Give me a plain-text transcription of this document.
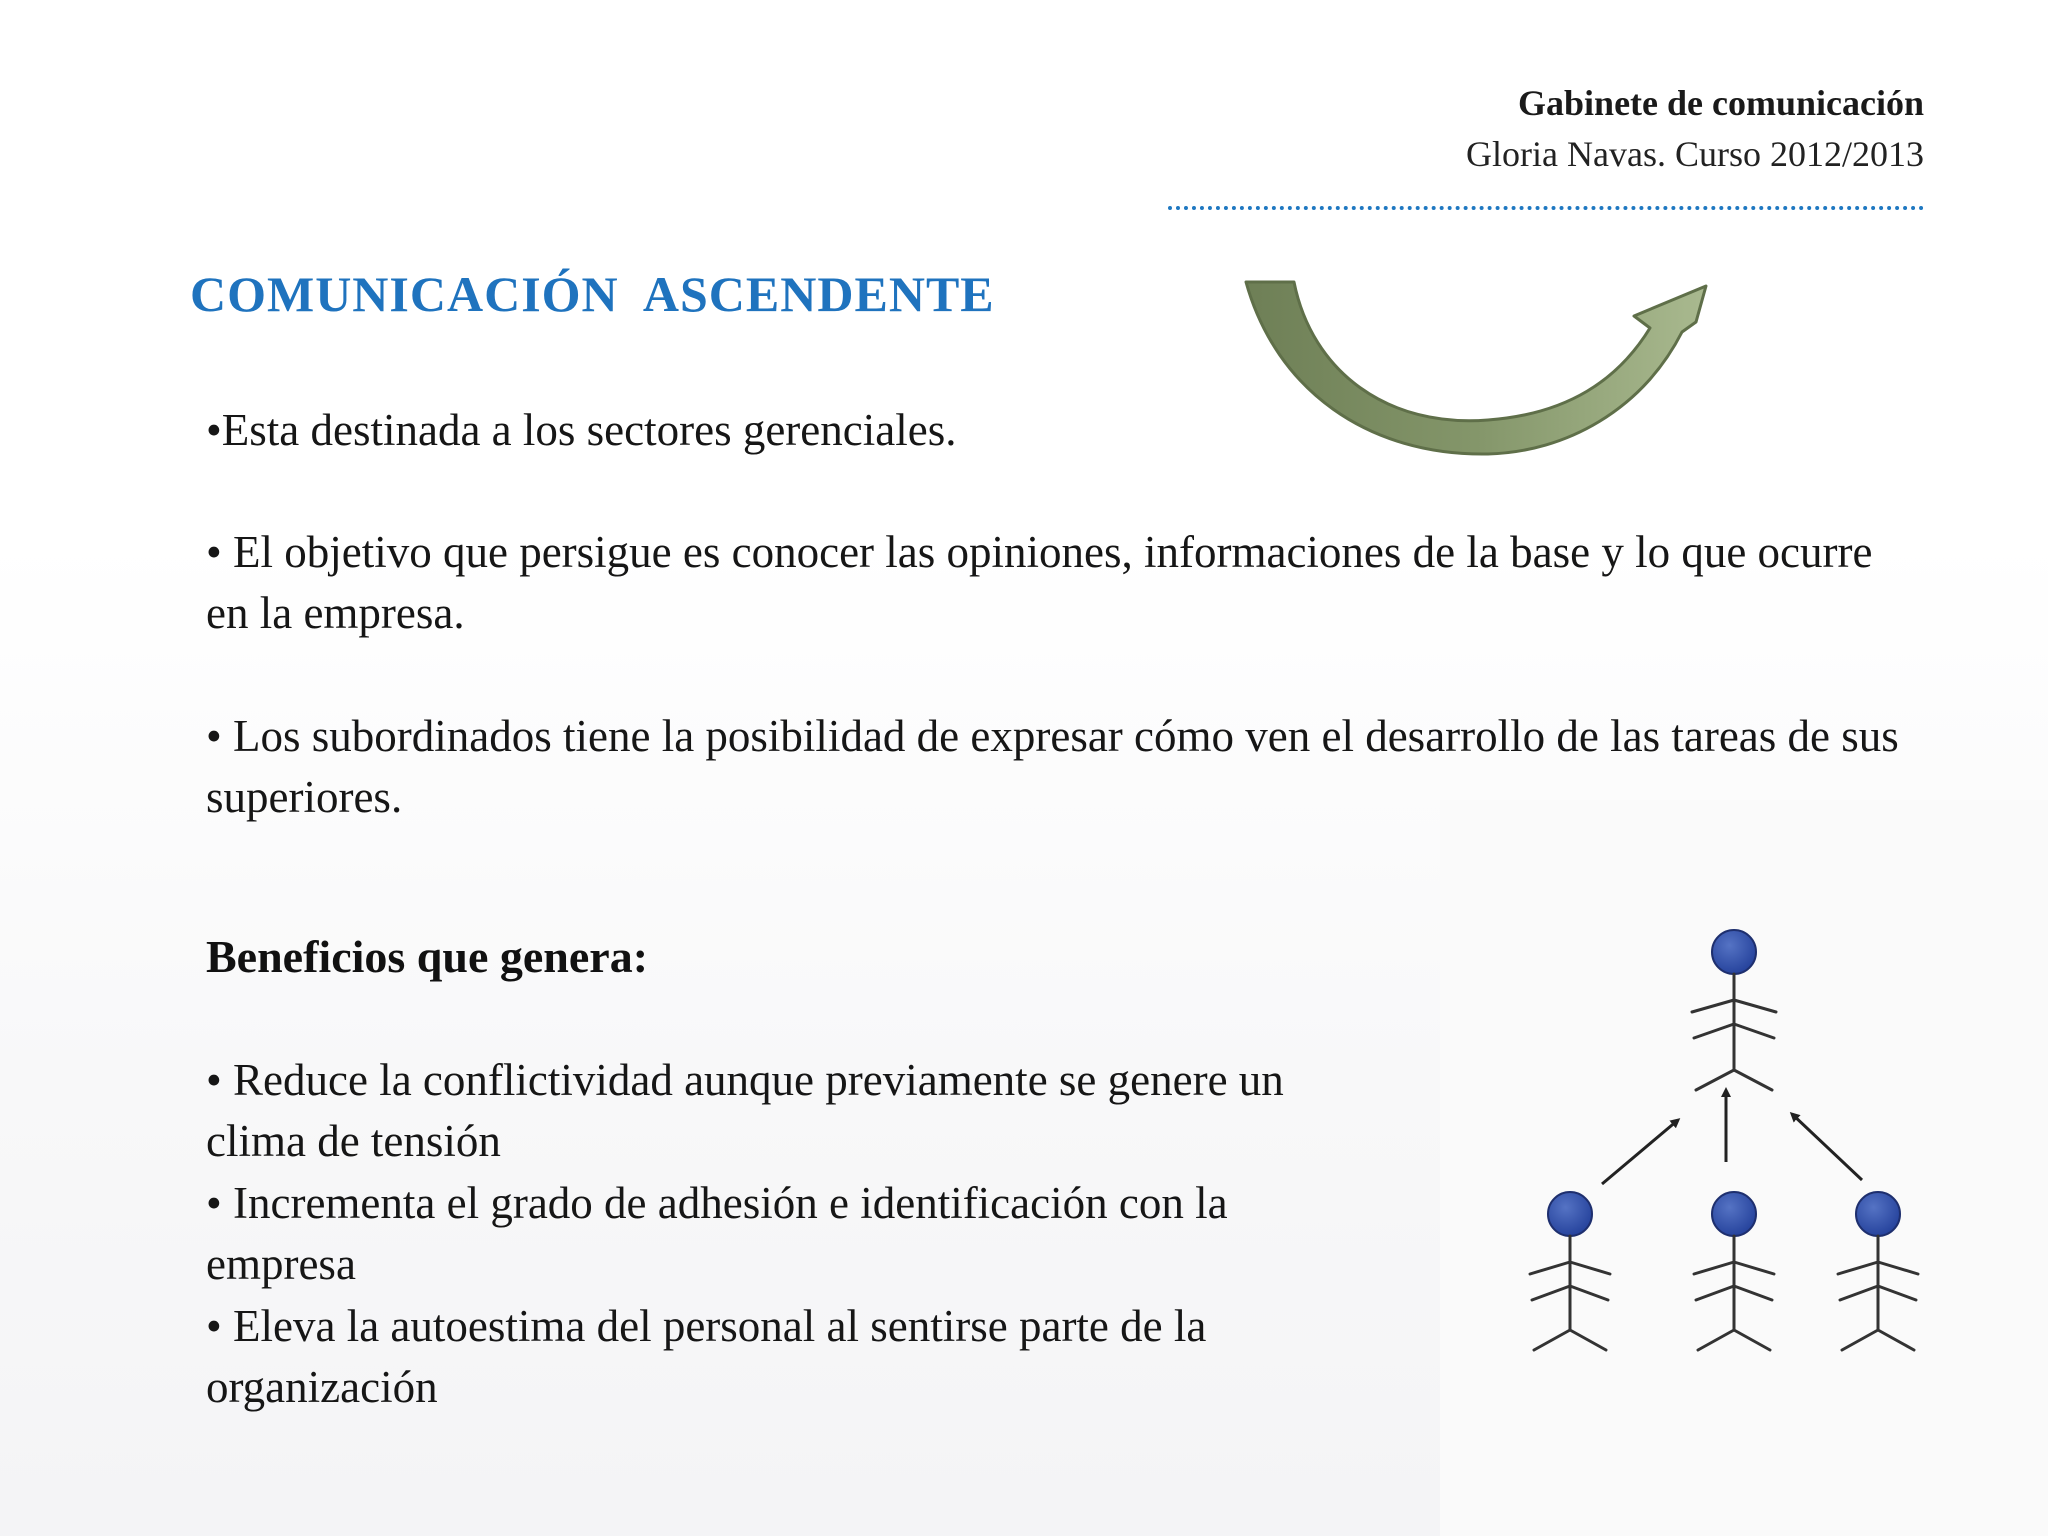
Gabinete de comunicación
Gloria Navas. Curso 2012/2013
COMUNICACIÓN  ASCENDENTE
•Esta destinada a los sectores gerenciales.
• El objetivo que persigue es conocer las opiniones, informaciones de la base y lo que ocurre en la empresa.
• Los subordinados tiene la posibilidad de expresar cómo ven el desarrollo de las tareas de sus superiores.
Beneficios que genera:
• Reduce la conflictividad aunque previamente se genere un clima de tensión
• Incrementa el grado de adhesión e identificación con la empresa
• Eleva la autoestima del personal al sentirse parte de la organización
